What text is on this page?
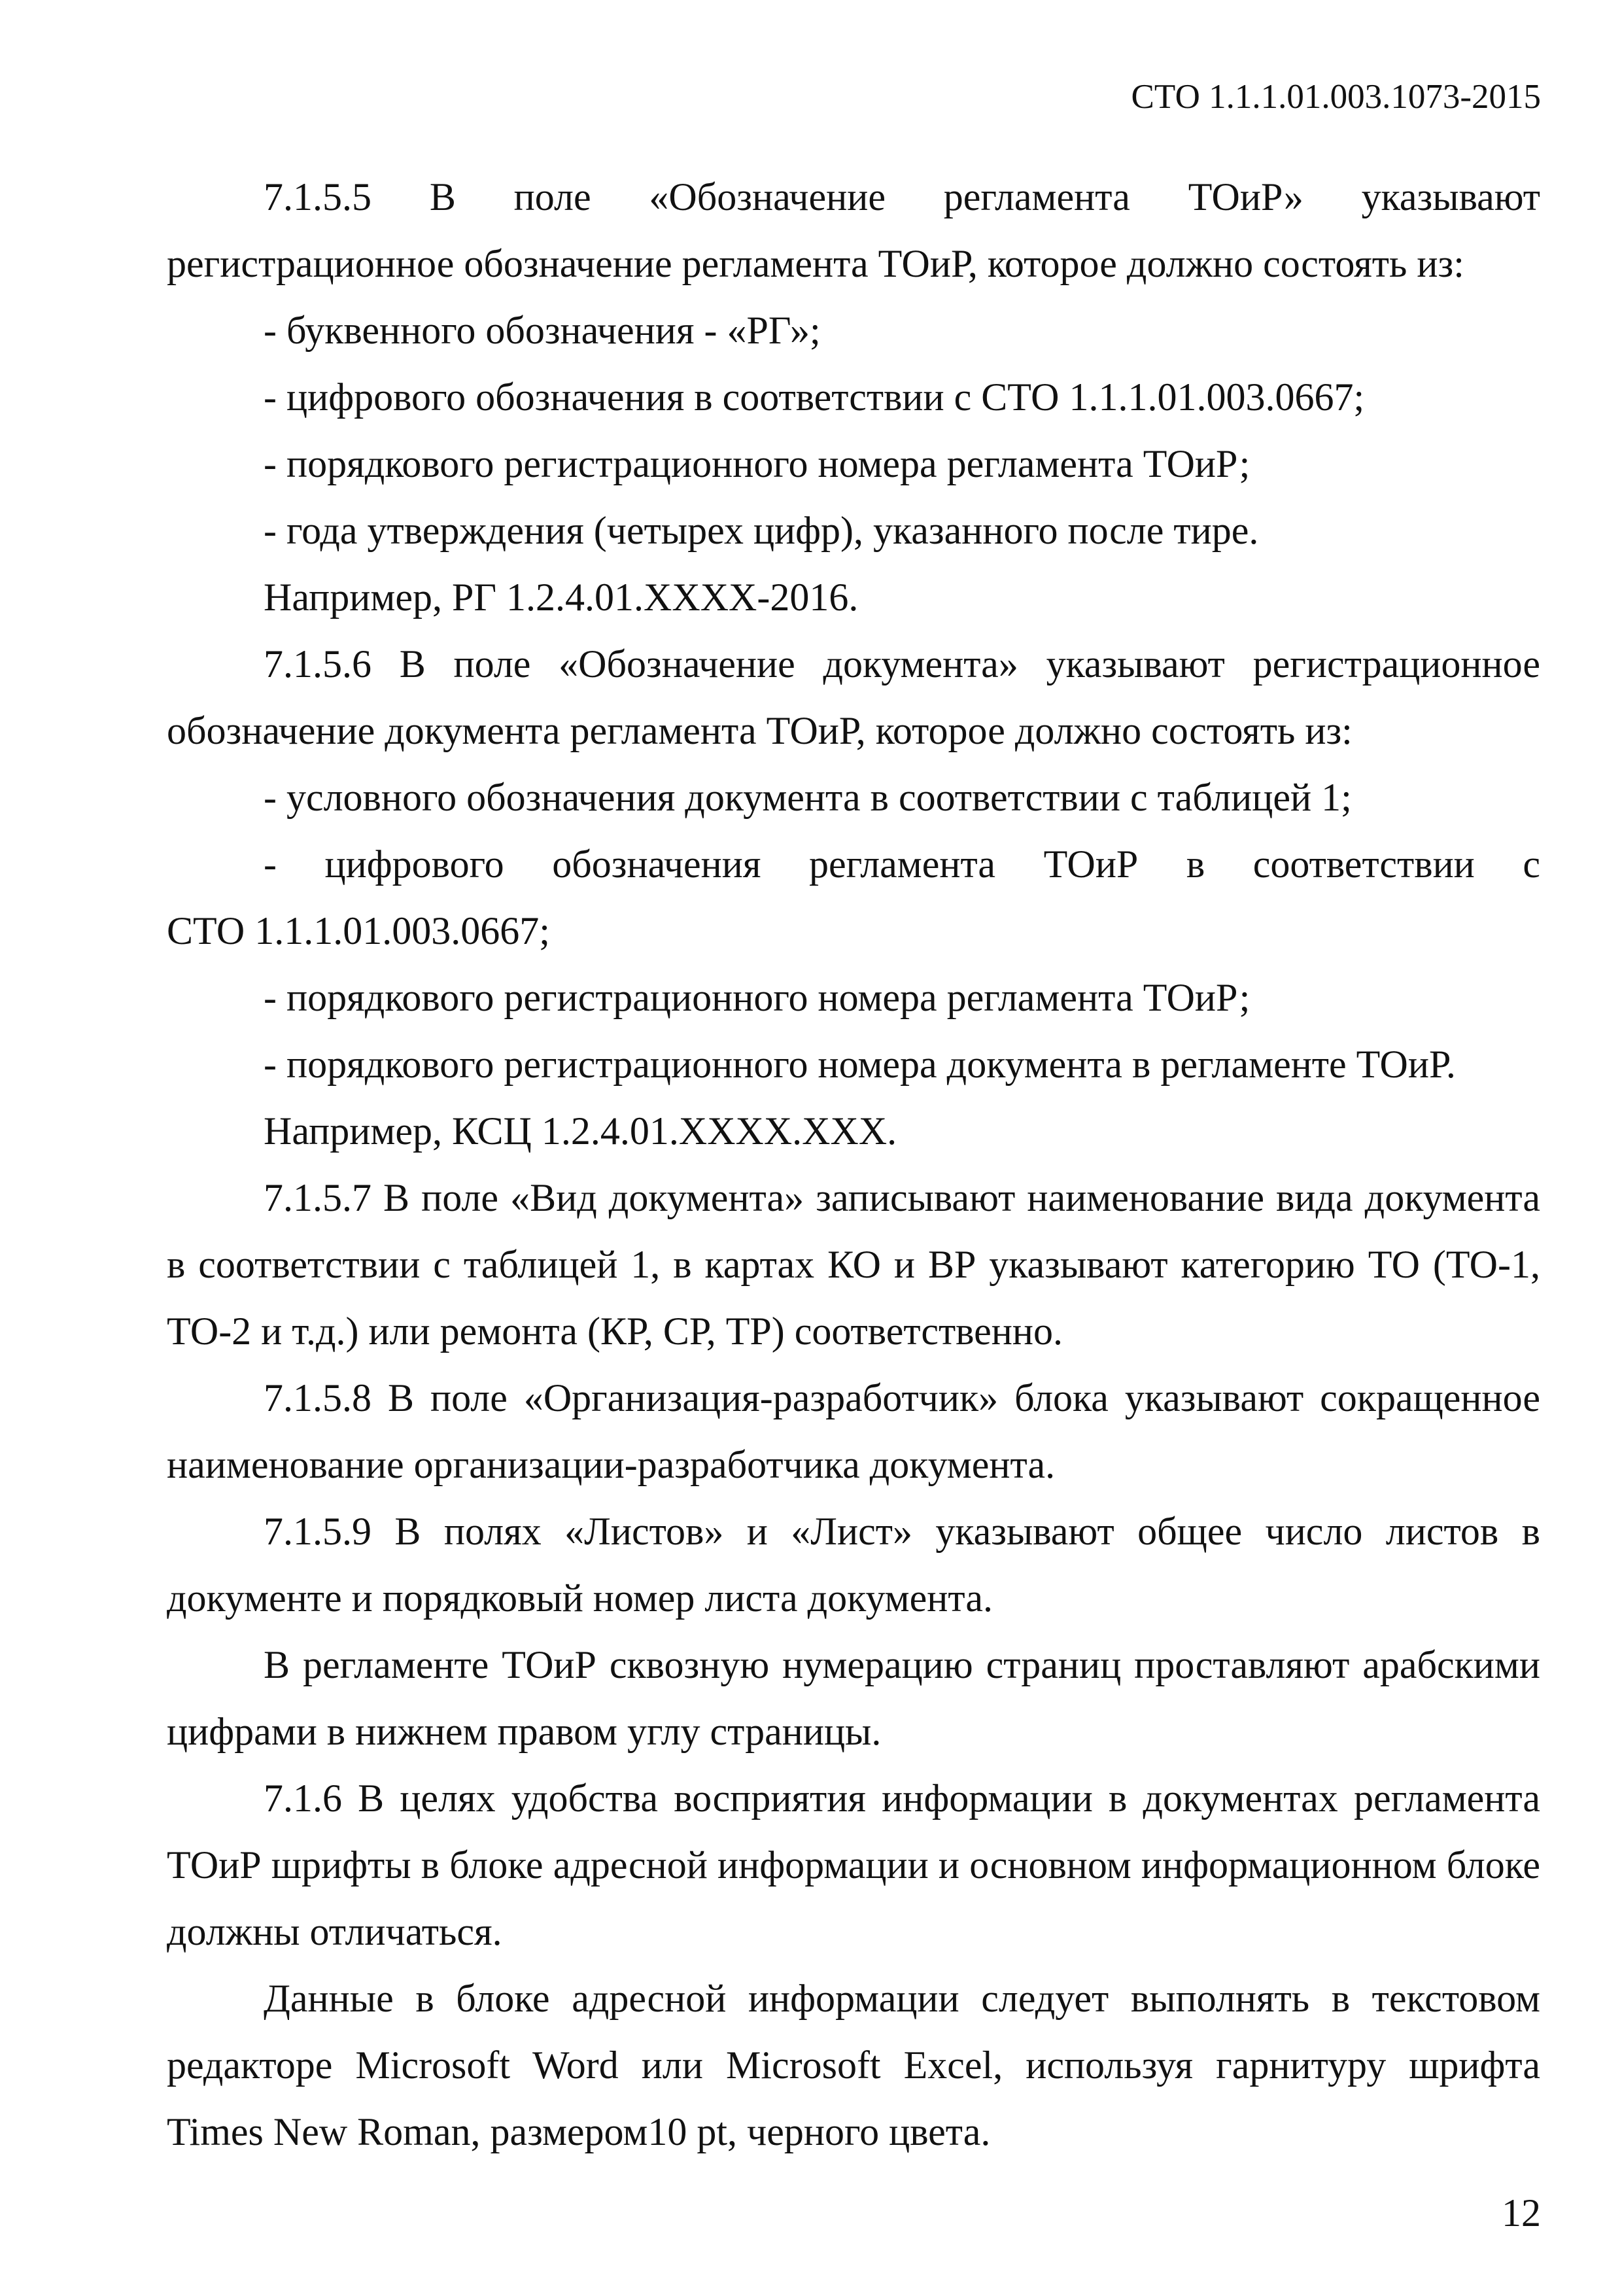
СТО 1.1.1.01.003.1073-2015

7.1.5.5 В поле «Обозначение регламента ТОиР» указывают регистрационное обозначение регламента ТОиР, которое должно состоять из:

- буквенного обозначения - «РГ»;

- цифрового обозначения в соответствии с СТО 1.1.1.01.003.0667;

- порядкового регистрационного номера регламента ТОиР;

- года утверждения (четырех цифр), указанного после тире.

Например, РГ 1.2.4.01.ХХХХ-2016.

7.1.5.6 В поле «Обозначение документа» указывают регистрационное обозначение документа регламента ТОиР, которое должно состоять из:

- условного обозначения документа в соответствии с таблицей 1;

- цифрового обозначения регламента ТОиР в соответствии с

СТО 1.1.1.01.003.0667;

- порядкового регистрационного номера регламента ТОиР;

- порядкового регистрационного номера документа в регламенте ТОиР.

Например, КСЦ 1.2.4.01.ХХХХ.ХХХ.

7.1.5.7 В поле «Вид документа» записывают наименование вида документа в соответствии с таблицей 1, в картах КО и ВР указывают категорию ТО (ТО-1, ТО-2 и т.д.) или ремонта (КР, СР, ТР) соответственно.

7.1.5.8 В поле «Организация-разработчик» блока указывают сокращенное наименование организации-разработчика документа.

7.1.5.9 В полях «Листов» и «Лист» указывают общее число листов в документе и порядковый номер листа документа.

В регламенте ТОиР сквозную нумерацию страниц проставляют арабскими цифрами в нижнем правом углу страницы.

7.1.6 В целях удобства восприятия информации в документах регламента ТОиР шрифты в блоке адресной информации и основном информационном блоке должны отличаться.

Данные в блоке адресной информации следует выполнять в текстовом редакторе Microsoft Word или Microsoft Excel, используя гарнитуру шрифта Times New Roman, размером10 pt, черного цвета.

12
